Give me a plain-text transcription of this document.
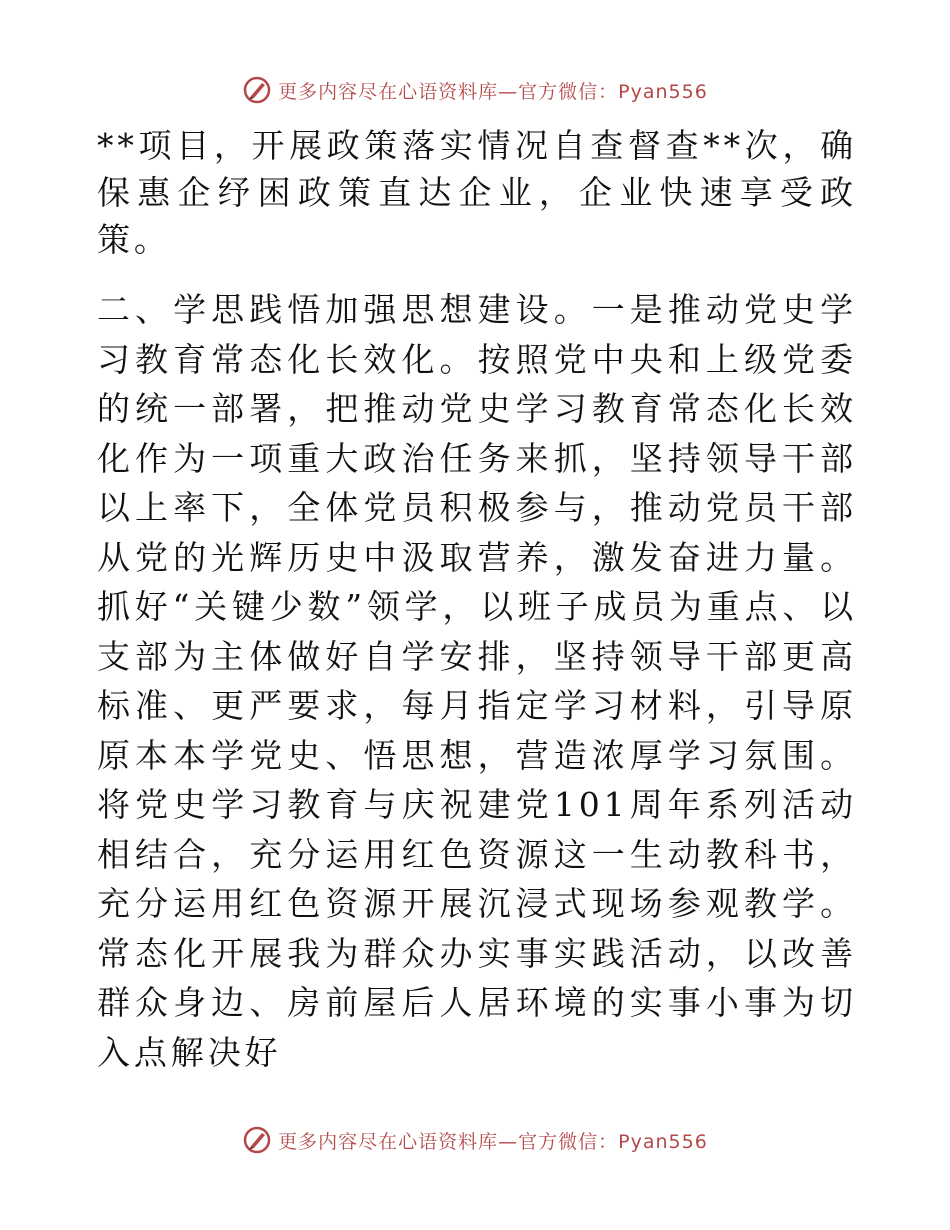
更多内容尽在心语资料库—官方微信：Pyan556

**项目，开展政策落实情况自查督查**次，确保惠企纾困政策直达企业，企业快速享受政策。

二、学思践悟加强思想建设。一是推动党史学习教育常态化长效化。按照党中央和上级党委的统一部署，把推动党史学习教育常态化长效化作为一项重大政治任务来抓，坚持领导干部以上率下，全体党员积极参与，推动党员干部从党的光辉历史中汲取营养，激发奋进力量。抓好“关键少数”领学，以班子成员为重点、以支部为主体做好自学安排，坚持领导干部更高标准、更严要求，每月指定学习材料，引导原原本本学党史、悟思想，营造浓厚学习氛围。将党史学习教育与庆祝建党101周年系列活动相结合，充分运用红色资源这一生动教科书，充分运用红色资源开展沉浸式现场参观教学。常态化开展我为群众办实事实践活动，以改善群众身边、房前屋后人居环境的实事小事为切入点解决好

更多内容尽在心语资料库—官方微信：Pyan556
